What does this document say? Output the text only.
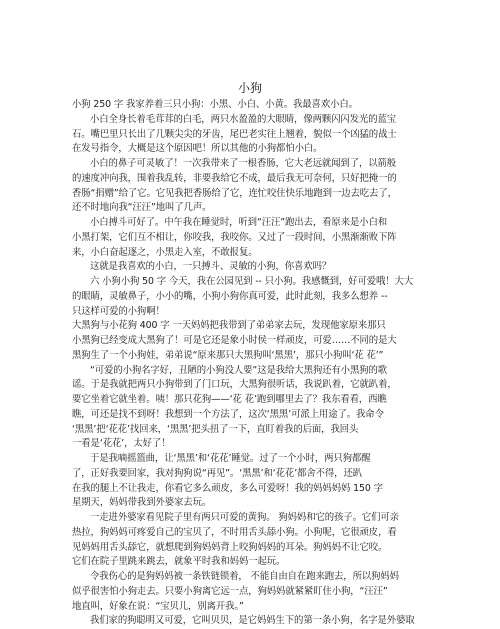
小狗
小狗 250 字 我家养着三只小狗：小黑、小白、小黄。我最喜欢小白。
小白全身长着毛茸茸的白毛，两只水盈盈的大眼睛，像两颗闪闪发光的蓝宝
石。嘴巴里只长出了几颗尖尖的牙齿，尾巴老实往上翘着，貌似一个凶猛的战士
在发号指令，大概是这个原因吧！所以其他的小狗都怕小白。
小白的鼻子可灵敏了！一次我带来了一根香肠，它大老远就闻到了，以箭般
的速度冲向我，围着我乱转，非要我给它不成，最后我无可奈何，只好把掩一的
香肠“捐赠”给了它。它见我把香肠给了它，连忙咬住快乐地跑到一边去吃去了，
还不时地向我“汪汪”地叫了几声。
小白搏斗可好了。中午我在睡觉时，听到“汪汪”跑出去，看原来是小白和
小黑打架，它们互不相让，你咬我，我咬你。又过了一段时间，小黑渐渐败下阵
来，小白奋起逐之，小黑走入室，不敢报复。
这就是我喜欢的小白，一只搏斗、灵敏的小狗，你喜欢吗？
六 小狗小狗 50 字 今天，我在公园见到 -- 只小狗。我感慨到，好可爱哦！大大
的眼睛，灵敏鼻子，小小的嘴，小狗小狗你真可爱，此时此刻，我多么想养 --
只这样可爱的小狗啊！
大黑狗与小花狗 400 字 一天妈妈把我带到了弟弟家去玩，发现他家原来那只
小黑狗已经变成大黑狗了！可是它还是象小时侯一样顽皮，可爱……不同的是大
黑狗生了一个小狗娃，弟弟说“原来那只大黑狗叫‘黑黑’，那只小狗叫‘花 花’”
“可爱的小狗名字好，丑陋的小狗没人要”这是我给大黑狗还有小黑狗的歌
谣。于是我就把两只小狗带到了门口玩，大黑狗很听话，我说趴着，它就趴着，
要它坐着它就坐着。咦！那只花狗——‘花 花’跑到哪里去了？我东看看，西瞧
瞧，可还是找不到呀！我想到一个方法了，这次‘黑黑’可派上用途了。我命令
‘黑黑’把‘花花’找回来，‘黑黑’把头扭了一下，直盯着我的后面，我回头
一看是‘花花’，太好了！
于是我嘀摇篮曲，让‘黑黑’和‘花花’睡觉。过了一个小时，两只狗都醒
了，正好我要回家，我对狗狗说“再见”。‘黑黑’和‘花花’都舍不得，还趴
在我的腿上不让我走，你看它多么顽皮，多么可爱呀！我的妈妈妈妈 150 字
星期天，妈妈带我到外婆家去玩。
一走进外婆家看见院子里有两只可爱的黄狗。 狗妈妈和它的孩子。它们可亲
热拉，狗妈妈可疼爱自己的宝贝了，不时用舌头舔小狗。小狗呢，它很顽皮，看
见妈妈用舌头舔它，就想爬到狗妈妈背上咬狗妈妈的耳朵。狗妈妈不让它咬。
它们在院子里跳来跳去，就象平时我和妈妈一起玩。
令我伤心的是狗妈妈被一条铁链锁着， 不能自由自在跑来跑去，所以狗妈妈
似乎很害怕小狗走去。只要小狗离它远一点，狗妈妈就紧紧盯住小狗，“汪汪”
地直叫，好象在说：“宝贝儿，别离开我。”
我们家的狗聪明又可爱，它叫贝贝，是它妈妈生下的第一条小狗，名字是外婆取
